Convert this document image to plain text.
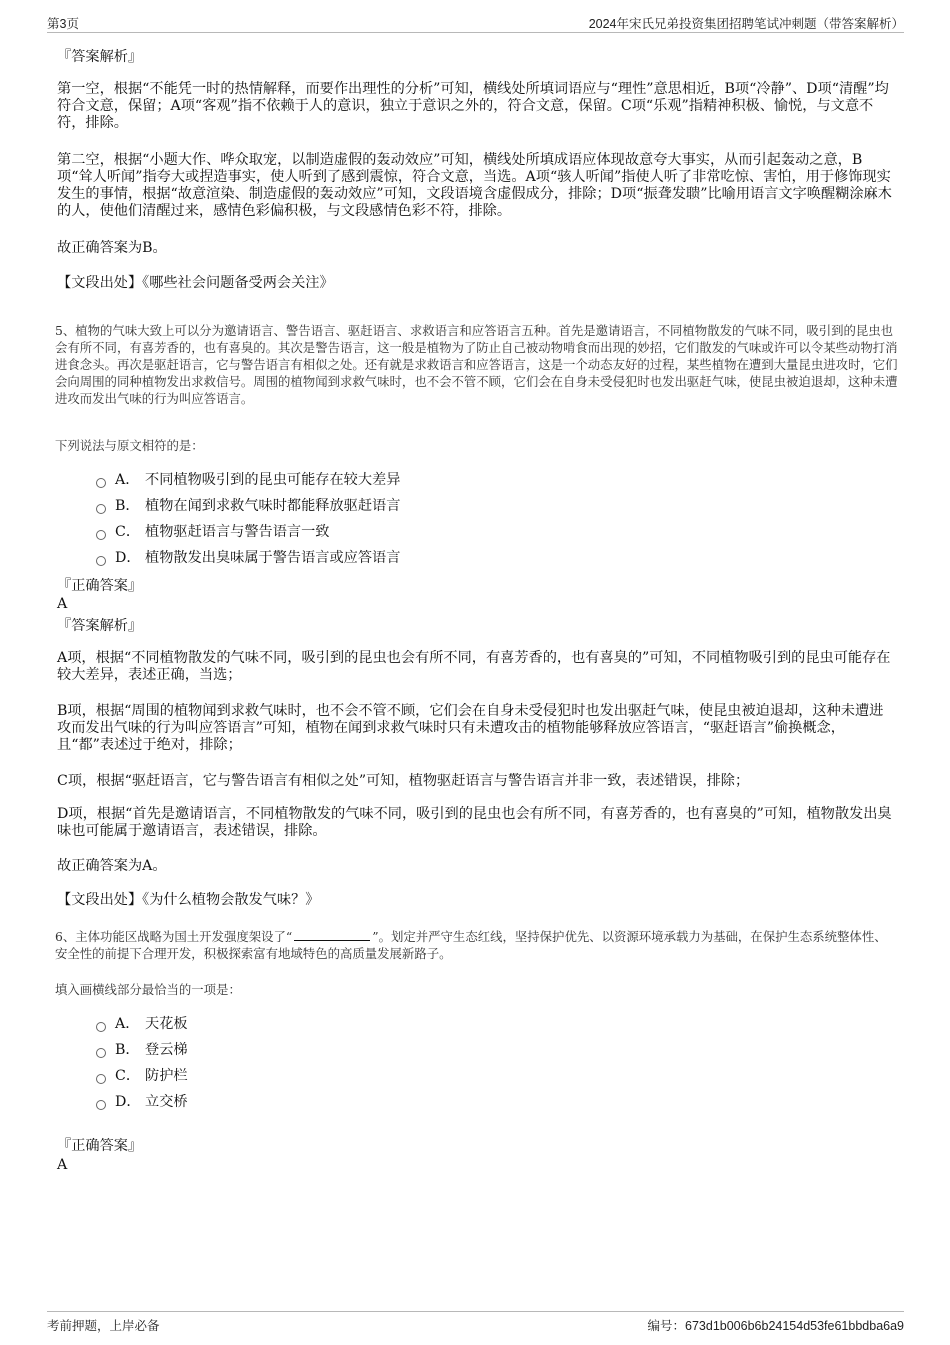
第3页	2024年宋氏兄弟投资集团招聘笔试冲刺题（带答案解析）

『答案解析』

第一空，根据“不能凭一时的热情解释，而要作出理性的分析”可知，横线处所填词语应与“理性”意思相近，B项“冷静”、D项“清醒”均符合文意，保留；A项“客观”指不依赖于人的意识，独立于意识之外的，符合文意，保留。C项“乐观”指精神积极、愉悦，与文意不符，排除。

第二空，根据“小题大作、哗众取宠，以制造虚假的轰动效应”可知，横线处所填成语应体现故意夸大事实，从而引起轰动之意，B项“耸人听闻”指夸大或捏造事实，使人听到了感到震惊，符合文意，当选。A项“骇人听闻”指使人听了非常吃惊、害怕，用于修饰现实发生的事情，根据“故意渲染、制造虚假的轰动效应”可知，文段语境含虚假成分，排除；D项“振聋发聩”比喻用语言文字唤醒糊涂麻木的人，使他们清醒过来，感情色彩偏积极，与文段感情色彩不符，排除。

故正确答案为B。

【文段出处】《哪些社会问题备受两会关注》

5、植物的气味大致上可以分为邀请语言、警告语言、驱赶语言、求救语言和应答语言五种。首先是邀请语言，不同植物散发的气味不同，吸引到的昆虫也会有所不同，有喜芳香的，也有喜臭的。其次是警告语言，这一般是植物为了防止自己被动物啃食而出现的妙招，它们散发的气味或许可以令某些动物打消进食念头。再次是驱赶语言，它与警告语言有相似之处。还有就是求救语言和应答语言，这是一个动态友好的过程，某些植物在遭到大量昆虫进攻时，它们会向周围的同种植物发出求救信号。周围的植物闻到求救气味时，也不会不管不顾，它们会在自身未受侵犯时也发出驱赶气味，使昆虫被迫退却，这种未遭进攻而发出气味的行为叫应答语言。

下列说法与原文相符的是：

A． 不同植物吸引到的昆虫可能存在较大差异
B． 植物在闻到求救气味时都能释放驱赶语言
C． 植物驱赶语言与警告语言一致
D． 植物散发出臭味属于警告语言或应答语言

『正确答案』

A

『答案解析』

A项，根据“不同植物散发的气味不同，吸引到的昆虫也会有所不同，有喜芳香的，也有喜臭的”可知，不同植物吸引到的昆虫可能存在较大差异，表述正确，当选；

B项，根据“周围的植物闻到求救气味时，也不会不管不顾，它们会在自身未受侵犯时也发出驱赶气味，使昆虫被迫退却，这种未遭进攻而发出气味的行为叫应答语言”可知，植物在闻到求救气味时只有未遭攻击的植物能够释放应答语言，“驱赶语言”偷换概念，且“都”表述过于绝对，排除；

C项，根据“驱赶语言，它与警告语言有相似之处”可知，植物驱赶语言与警告语言并非一致，表述错误，排除；

D项，根据“首先是邀请语言，不同植物散发的气味不同，吸引到的昆虫也会有所不同，有喜芳香的，也有喜臭的”可知，植物散发出臭味也可能属于邀请语言，表述错误，排除。

故正确答案为A。

【文段出处】《为什么植物会散发气味？》

6、主体功能区战略为国土开发强度架设了“	”。划定并严守生态红线，坚持保护优先、以资源环境承载力为基础，在保护生态系统整体性、安全性的前提下合理开发，积极探索富有地域特色的高质量发展新路子。

填入画横线部分最恰当的一项是：

A． 天花板
B． 登云梯
C． 防护栏
D． 立交桥

『正确答案』

A

考前押题，上岸必备	编号：673d1b006b6b24154d53fe61bbdba6a9
